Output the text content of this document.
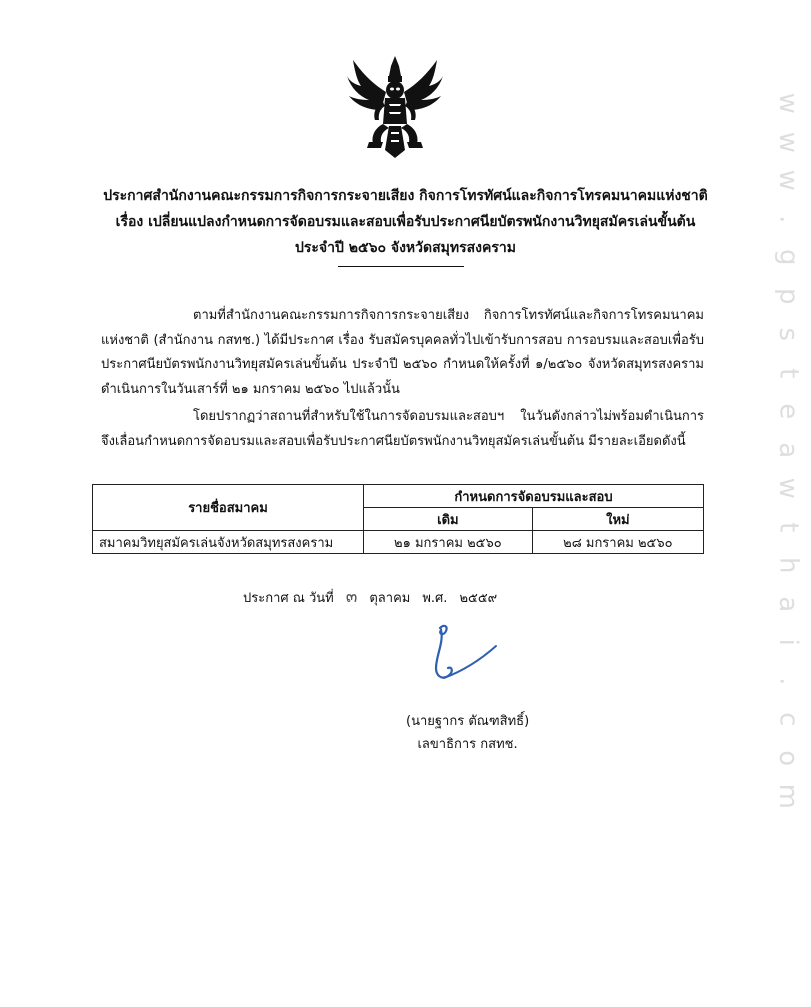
ประกาศสำนักงานคณะกรรมการกิจการกระจายเสียง กิจการโทรทัศน์และกิจการโทรคมนาคมแห่งชาติ
เรื่อง เปลี่ยนแปลงกำหนดการจัดอบรมและสอบเพื่อรับประกาศนียบัตรพนักงานวิทยุสมัครเล่นขั้นต้น
ประจำปี ๒๕๖๐ จังหวัดสมุทรสงคราม
ตามที่สำนักงานคณะกรรมการกิจการกระจายเสียง กิจการโทรทัศน์และกิจการโทรคมนาคมแห่งชาติ (สำนักงาน กสทช.) ได้มีประกาศ เรื่อง รับสมัครบุคคลทั่วไปเข้ารับการสอบ การอบรมและสอบเพื่อรับประกาศนียบัตรพนักงานวิทยุสมัครเล่นขั้นต้น ประจำปี ๒๕๖๐ กำหนดให้ครั้งที่ ๑/๒๕๖๐ จังหวัดสมุทรสงคราม ดำเนินการในวันเสาร์ที่ ๒๑ มกราคม ๒๕๖๐ ไปแล้วนั้น
โดยปรากฏว่าสถานที่สำหรับใช้ในการจัดอบรมและสอบฯ ในวันดังกล่าวไม่พร้อมดำเนินการ จึงเลื่อนกำหนดการจัดอบรมและสอบเพื่อรับประกาศนียบัตรพนักงานวิทยุสมัครเล่นขั้นต้น มีรายละเอียดดังนี้
รายชื่อสมาคม	กำหนดการจัดอบรมและสอบ	
	เดิม	ใหม่
สมาคมวิทยุสมัครเล่นจังหวัดสมุทรสงคราม	๒๑ มกราคม ๒๕๖๐	๒๘ มกราคม ๒๕๖๐
ประกาศ ณ วันที่ ๓ ตุลาคม พ.ศ. ๒๕๕๙
(นายฐากร ตัณฑสิทธิ์)
เลขาธิการ กสทช.
w
w
w
.
g
p
s
t
e
a
w
t
h
a
i
.
c
o
m
